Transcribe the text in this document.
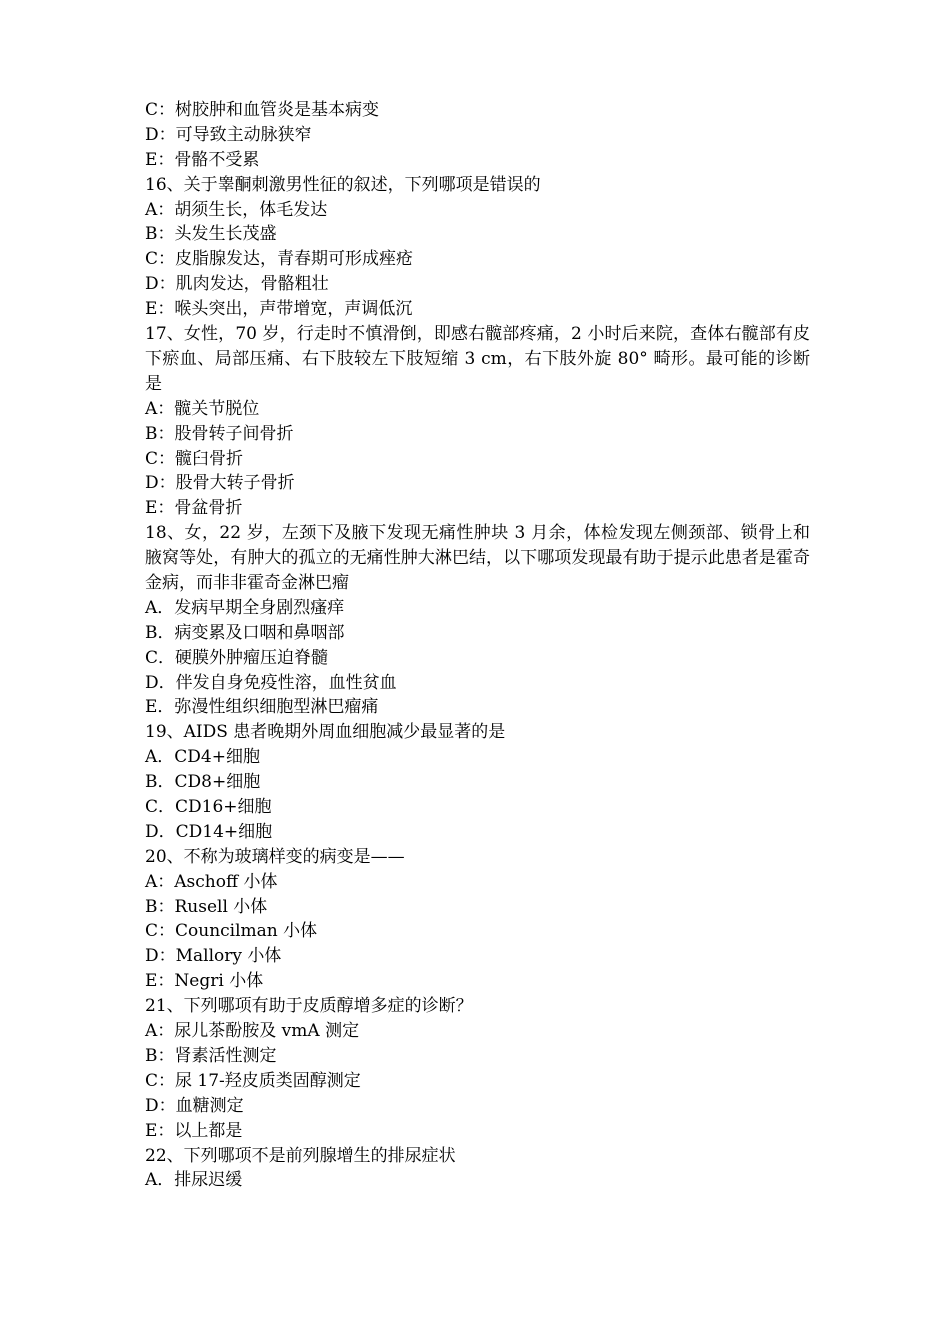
C：树胶肿和血管炎是基本病变
D：可导致主动脉狭窄
E：骨骼不受累
16、关于睾酮刺激男性征的叙述，下列哪项是错误的
A：胡须生长，体毛发达
B：头发生长茂盛
C：皮脂腺发达，青春期可形成痤疮
D：肌肉发达，骨骼粗壮
E：喉头突出，声带增宽，声调低沉
17、女性，70 岁，行走时不慎滑倒，即感右髋部疼痛，2 小时后来院，查体右髋部有皮下瘀血、局部压痛、右下肢较左下肢短缩 3 cm，右下肢外旋 80° 畸形。最可能的诊断是
A：髋关节脱位
B：股骨转子间骨折
C：髋臼骨折
D：股骨大转子骨折
E：骨盆骨折
18、女，22 岁，左颈下及腋下发现无痛性肿块 3 月余，体检发现左侧颈部、锁骨上和腋窝等处，有肿大的孤立的无痛性肿大淋巴结，以下哪项发现最有助于提示此患者是霍奇金病，而非非霍奇金淋巴瘤
A．发病早期全身剧烈瘙痒
B．病变累及口咽和鼻咽部
C．硬膜外肿瘤压迫脊髓
D．伴发自身免疫性溶，血性贫血
E．弥漫性组织细胞型淋巴瘤痛
19、AIDS 患者晚期外周血细胞减少最显著的是
A．CD4+细胞
B．CD8+细胞
C．CD16+细胞
D．CD14+细胞
20、不称为玻璃样变的病变是——
A：Aschoff 小体
B：Rusell 小体
C：Councilman 小体
D：Mallory 小体
E：Negri 小体
21、下列哪项有助于皮质醇增多症的诊断？
A：尿儿茶酚胺及 vmA 测定
B：肾素活性测定
C：尿 17-羟皮质类固醇测定
D：血糖测定
E：以上都是
22、下列哪项不是前列腺增生的排尿症状
A．排尿迟缓
